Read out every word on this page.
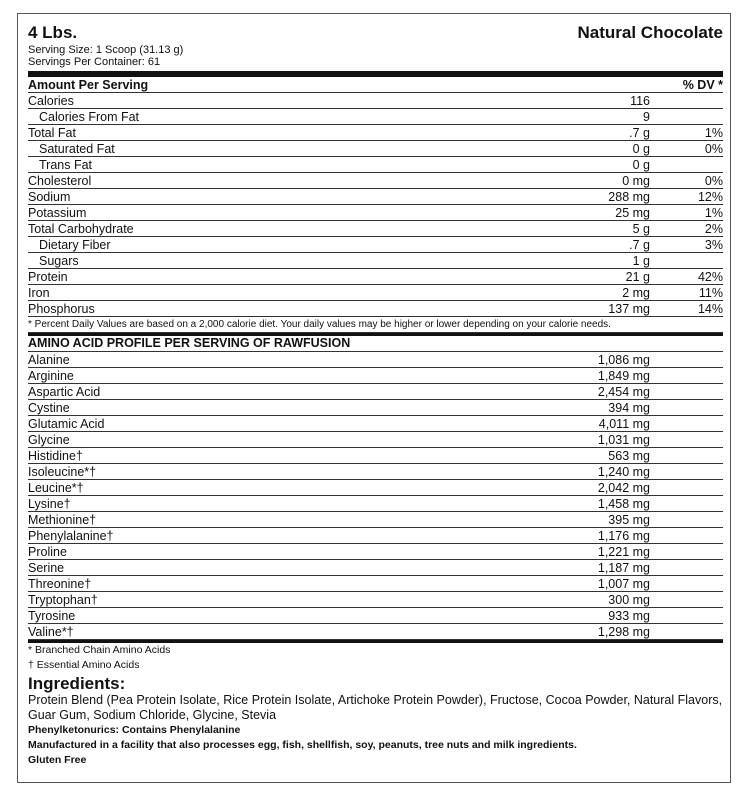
4 Lbs.	Natural Chocolate
Serving Size: 1 Scoop (31.13 g)
Servings Per Container: 61
Amount Per Serving	% DV *
Calories	116
Calories From Fat	9
Total Fat	.7 g	1%
Saturated Fat	0 g	0%
Trans Fat	0 g
Cholesterol	0 mg	0%
Sodium	288 mg	12%
Potassium	25 mg	1%
Total Carbohydrate	5 g	2%
Dietary Fiber	.7 g	3%
Sugars	1 g
Protein	21 g	42%
Iron	2 mg	11%
Phosphorus	137 mg	14%
* Percent Daily Values are based on a 2,000 calorie diet. Your daily values may be higher or lower depending on your calorie needs.
AMINO ACID PROFILE PER SERVING OF RAWFUSION
Alanine	1,086 mg
Arginine	1,849 mg
Aspartic Acid	2,454 mg
Cystine	394 mg
Glutamic Acid	4,011 mg
Glycine	1,031 mg
Histidine†	563 mg
Isoleucine*†	1,240 mg
Leucine*†	2,042 mg
Lysine†	1,458 mg
Methionine†	395 mg
Phenylalanine†	1,176 mg
Proline	1,221 mg
Serine	1,187 mg
Threonine†	1,007 mg
Tryptophan†	300 mg
Tyrosine	933 mg
Valine*†	1,298 mg
* Branched Chain Amino Acids
† Essential Amino Acids
Ingredients:
Protein Blend (Pea Protein Isolate, Rice Protein Isolate, Artichoke Protein Powder), Fructose, Cocoa Powder, Natural Flavors, Guar Gum, Sodium Chloride, Glycine, Stevia
Phenylketonurics: Contains Phenylalanine
Manufactured in a facility that also processes egg, fish, shellfish, soy, peanuts, tree nuts and milk ingredients.
Gluten Free
